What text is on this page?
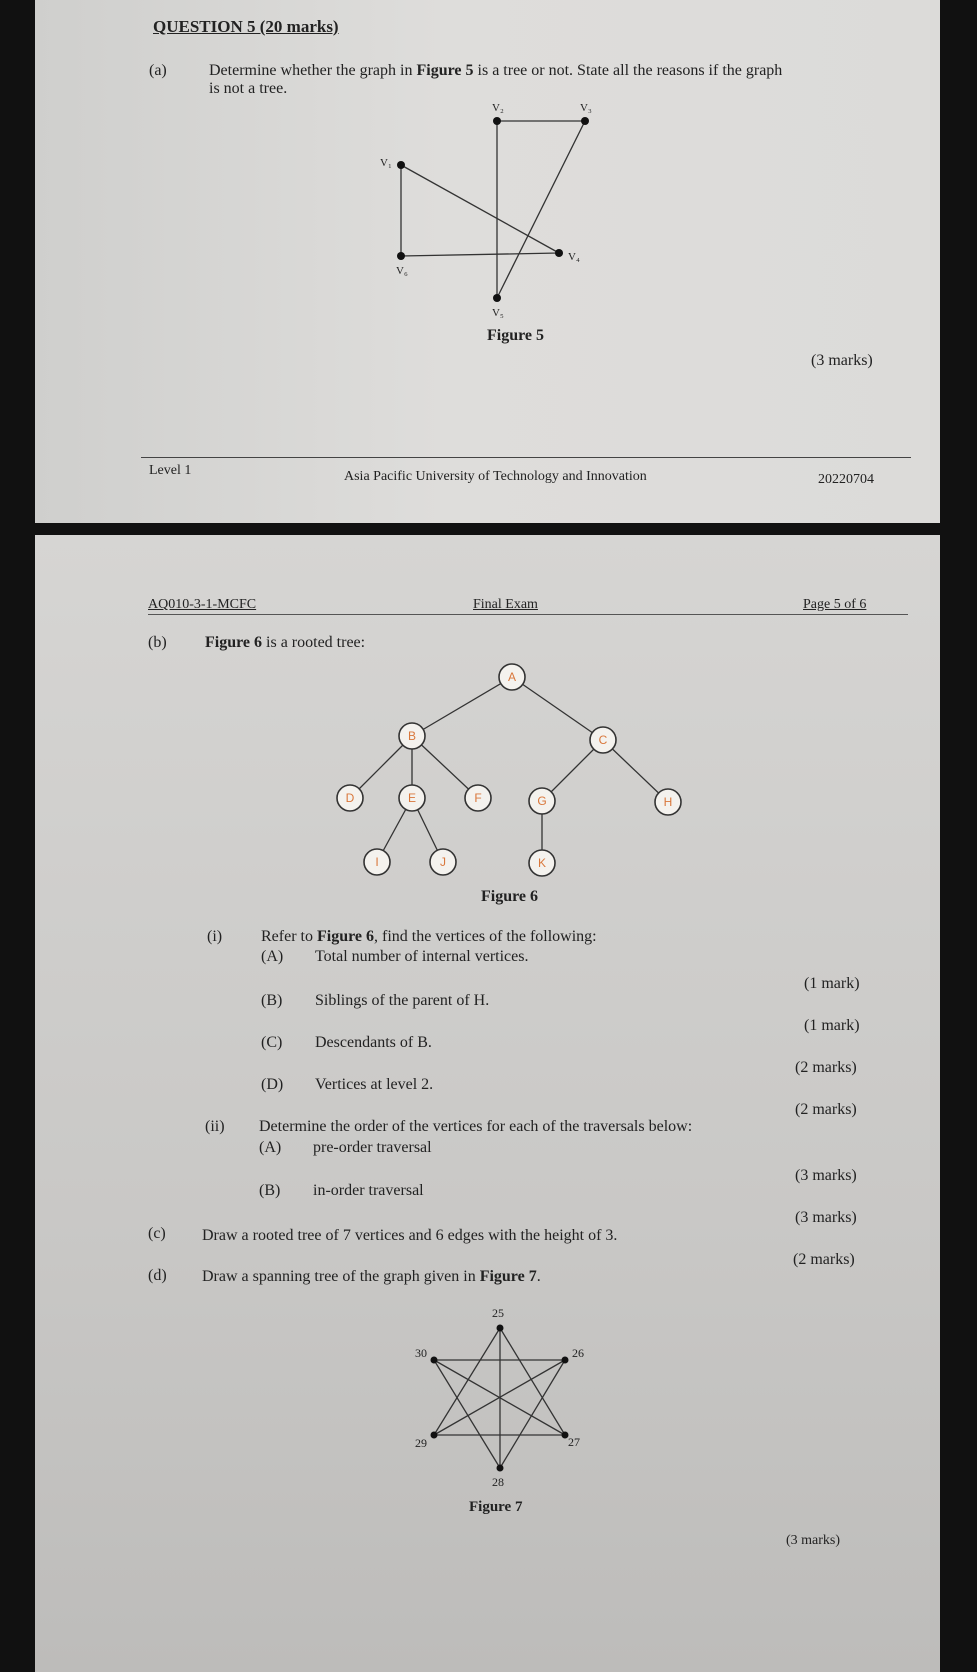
QUESTION 5 (20 marks)
(a)	Determine whether the graph in Figure 5 is a tree or not. State all the reasons if the graph
is not a tree.
V₂	V₃
V₁
V₄
V₆
V₅
Figure 5
(3 marks)
Level 1	Asia Pacific University of Technology and Innovation	20220704
AQ010-3-1-MCFC	Final Exam	Page 5 of 6
(b) Figure 6 is a rooted tree:
A
B	C
D	E	F	G	H
I	J	K
Figure 6
(i) Refer to Figure 6, find the vertices of the following:
(A) Total number of internal vertices.
(1 mark)
(B) Siblings of the parent of H.
(1 mark)
(C) Descendants of B.
(2 marks)
(D) Vertices at level 2.
(2 marks)
(ii) Determine the order of the vertices for each of the traversals below:
(A) pre-order traversal
(3 marks)
(B) in-order traversal
(3 marks)
(c) Draw a rooted tree of 7 vertices and 6 edges with the height of 3.
(2 marks)
(d) Draw a spanning tree of the graph given in Figure 7.
25
26
27
28
29
30
Figure 7
(3 marks)
